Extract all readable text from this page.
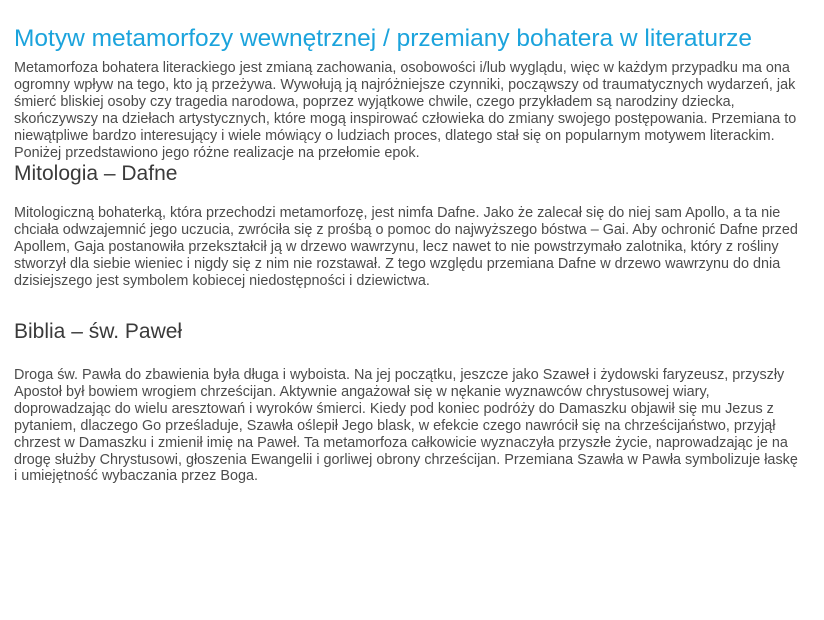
Motyw metamorfozy wewnętrznej / przemiany bohatera w literaturze

Metamorfoza bohatera literackiego jest zmianą zachowania, osobowości i/lub wyglądu, więc w każdym przypadku ma ona ogromny wpływ na tego, kto ją przeżywa. Wywołują ją najróżniejsze czynniki, począwszy od traumatycznych wydarzeń, jak śmierć bliskiej osoby czy tragedia narodowa, poprzez wyjątkowe chwile, czego przykładem są narodziny dziecka, skończywszy na dziełach artystycznych, które mogą inspirować człowieka do zmiany swojego postępowania. Przemiana to niewątpliwe bardzo interesujący i wiele mówiący o ludziach proces, dlatego stał się on popularnym motywem literackim. Poniżej przedstawiono jego różne realizacje na przełomie epok.

Mitologia – Dafne

Mitologiczną bohaterką, która przechodzi metamorfozę, jest nimfa Dafne. Jako że zalecał się do niej sam Apollo, a ta nie chciała odwzajemnić jego uczucia, zwróciła się z prośbą o pomoc do najwyższego bóstwa – Gai. Aby ochronić Dafne przed Apollem, Gaja postanowiła przekształcił ją w drzewo wawrzynu, lecz nawet to nie powstrzymało zalotnika, który z rośliny stworzył dla siebie wieniec i nigdy się z nim nie rozstawał. Z tego względu przemiana Dafne w drzewo wawrzynu do dnia dzisiejszego jest symbolem kobiecej niedostępności i dziewictwa.

Biblia – św. Paweł

Droga św. Pawła do zbawienia była długa i wyboista. Na jej początku, jeszcze jako Szaweł i żydowski faryzeusz, przyszły Apostoł był bowiem wrogiem chrześcijan. Aktywnie angażował się w nękanie wyznawców chrystusowej wiary, doprowadzając do wielu aresztowań i wyroków śmierci. Kiedy pod koniec podróży do Damaszku objawił się mu Jezus z pytaniem, dlaczego Go prześladuje, Szawła oślepił Jego blask, w efekcie czego nawrócił się na chrześcijaństwo, przyjął chrzest w Damaszku i zmienił imię na Paweł. Ta metamorfoza całkowicie wyznaczyła przyszłe życie, naprowadzając je na drogę służby Chrystusowi, głoszenia Ewangelii i gorliwej obrony chrześcijan. Przemiana Szawła w Pawła symbolizuje łaskę i umiejętność wybaczania przez Boga.
